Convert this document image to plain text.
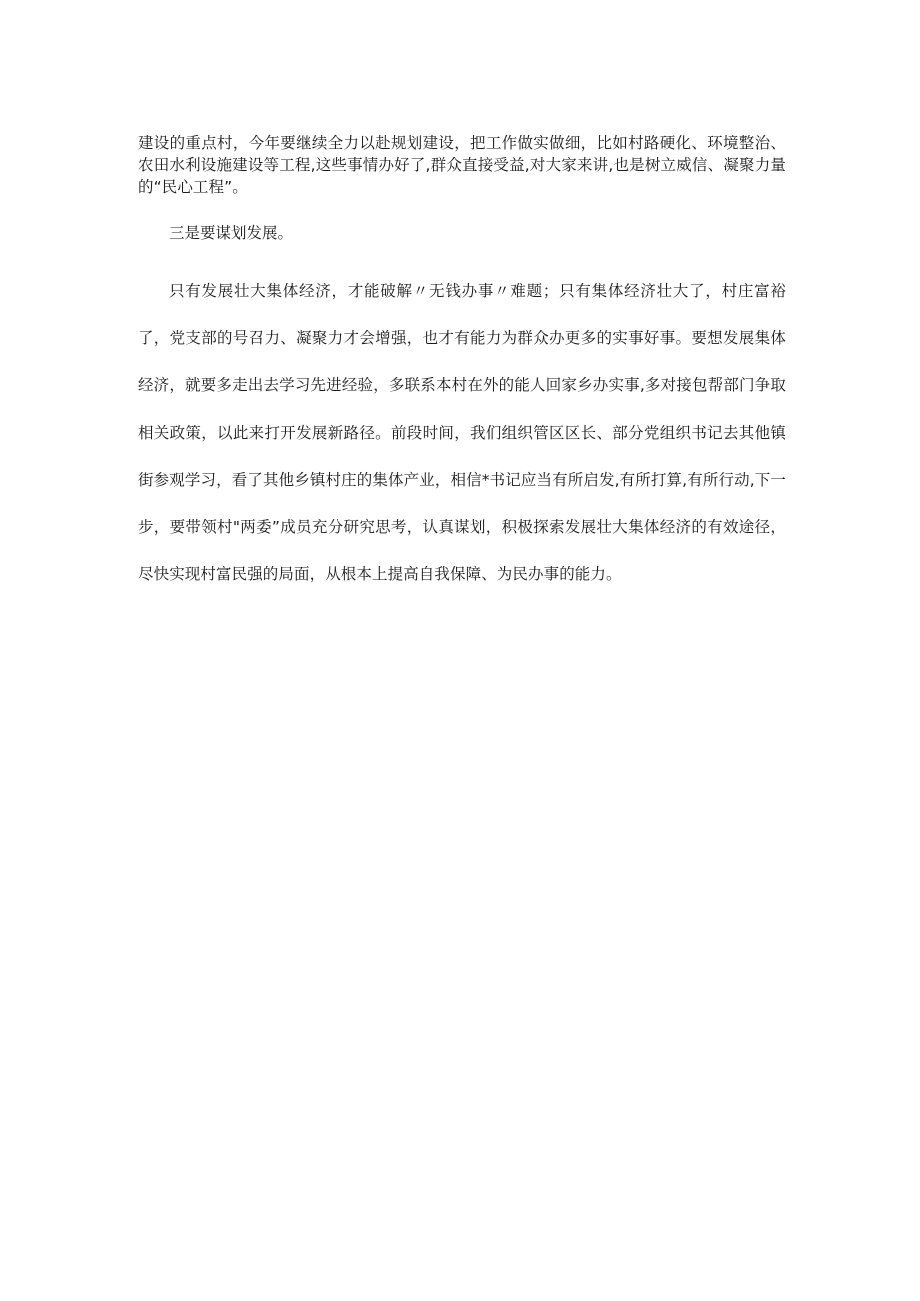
建设的重点村，今年要继续全力以赴规划建设，把工作做实做细，比如村路硬化、环境整治、农田水利设施建设等工程,这些事情办好了,群众直接受益,对大家来讲,也是树立威信、凝聚力量的“民心工程”。

三是要谋划发展。

只有发展壮大集体经济，才能破解〃无钱办事〃难题；只有集体经济壮大了，村庄富裕了，党支部的号召力、凝聚力才会增强，也才有能力为群众办更多的实事好事。要想发展集体经济，就要多走出去学习先进经验，多联系本村在外的能人回家乡办实事,多对接包帮部门争取相关政策，以此来打开发展新路径。前段时间，我们组织管区区长、部分党组织书记去其他镇街参观学习，看了其他乡镇村庄的集体产业，相信*书记应当有所启发,有所打算,有所行动,下一步，要带领村"两委”成员充分研究思考，认真谋划，积极探索发展壮大集体经济的有效途径，尽快实现村富民强的局面，从根本上提高自我保障、为民办事的能力。
